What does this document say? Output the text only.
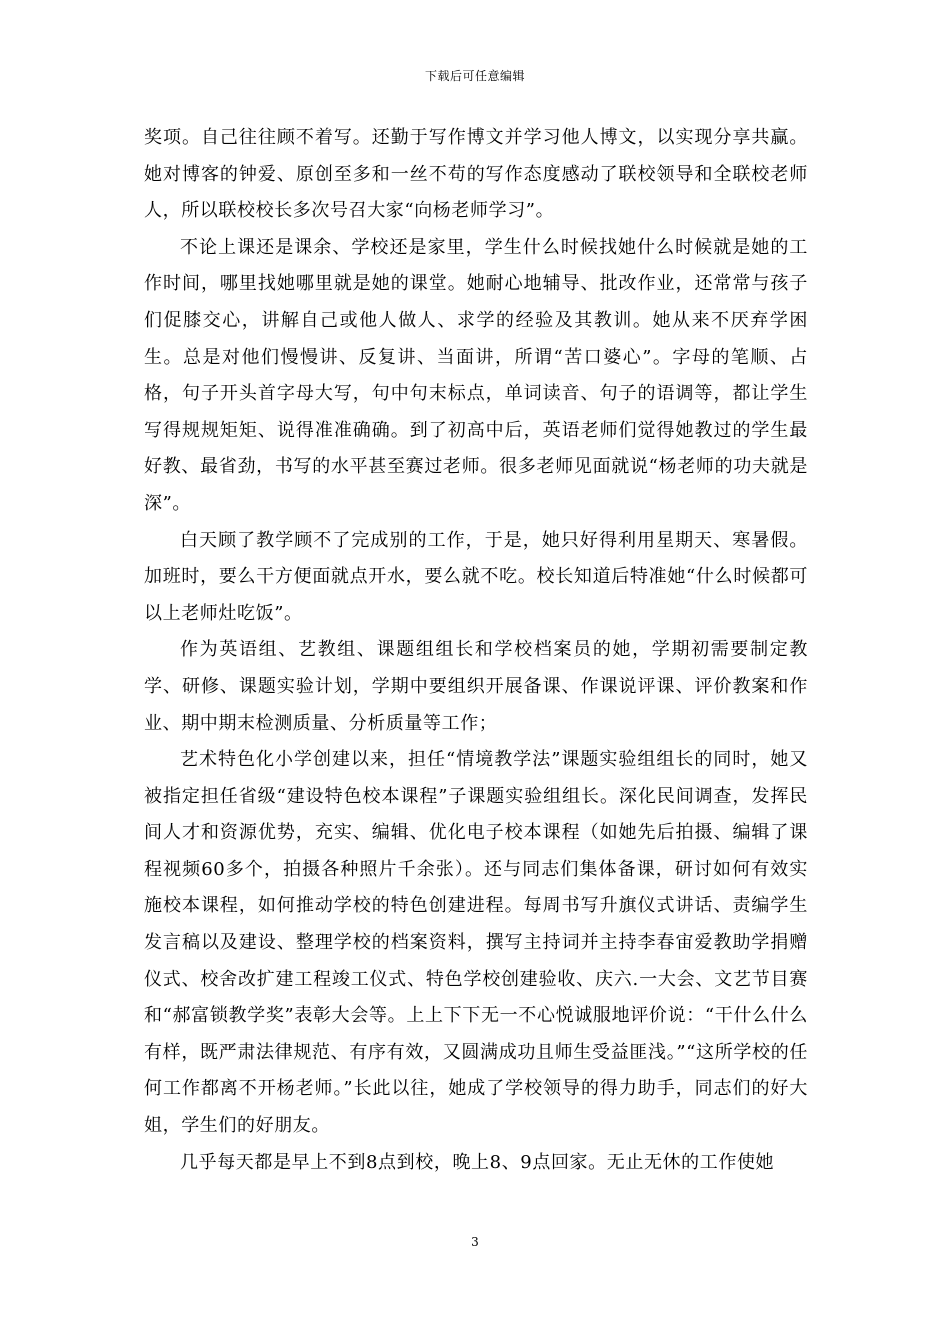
下载后可任意编辑

奖项。自己往往顾不着写。还勤于写作博文并学习他人博文，以实现分享共赢。她对博客的钟爱、原创至多和一丝不苟的写作态度感动了联校领导和全联校老师人，所以联校校长多次号召大家“向杨老师学习”。

不论上课还是课余、学校还是家里，学生什么时候找她什么时候就是她的工作时间，哪里找她哪里就是她的课堂。她耐心地辅导、批改作业，还常常与孩子们促膝交心，讲解自己或他人做人、求学的经验及其教训。她从来不厌弃学困生。总是对他们慢慢讲、反复讲、当面讲，所谓“苦口婆心”。字母的笔顺、占格，句子开头首字母大写，句中句末标点，单词读音、句子的语调等，都让学生写得规规矩矩、说得准准确确。到了初高中后，英语老师们觉得她教过的学生最好教、最省劲，书写的水平甚至赛过老师。很多老师见面就说“杨老师的功夫就是深”。

白天顾了教学顾不了完成别的工作，于是，她只好得利用星期天、寒暑假。加班时，要么干方便面就点开水，要么就不吃。校长知道后特准她“什么时候都可以上老师灶吃饭”。

作为英语组、艺教组、课题组组长和学校档案员的她，学期初需要制定教学、研修、课题实验计划，学期中要组织开展备课、作课说评课、评价教案和作业、期中期末检测质量、分析质量等工作；

艺术特色化小学创建以来，担任“情境教学法”课题实验组组长的同时，她又被指定担任省级“建设特色校本课程”子课题实验组组长。深化民间调查，发挥民间人才和资源优势，充实、编辑、优化电子校本课程（如她先后拍摄、编辑了课程视频60多个，拍摄各种照片千余张）。还与同志们集体备课，研讨如何有效实施校本课程，如何推动学校的特色创建进程。每周书写升旗仪式讲话、责编学生发言稿以及建设、整理学校的档案资料，撰写主持词并主持李春宙爱教助学捐赠仪式、校舍改扩建工程竣工仪式、特色学校创建验收、庆六.一大会、文艺节目赛和“郝富锁教学奖”表彰大会等。上上下下无一不心悦诚服地评价说：“干什么什么有样，既严肃法律规范、有序有效，又圆满成功且师生受益匪浅。”“这所学校的任何工作都离不开杨老师。”长此以往，她成了学校领导的得力助手，同志们的好大姐，学生们的好朋友。

几乎每天都是早上不到8点到校，晚上8、9点回家。无止无休的工作使她

3
